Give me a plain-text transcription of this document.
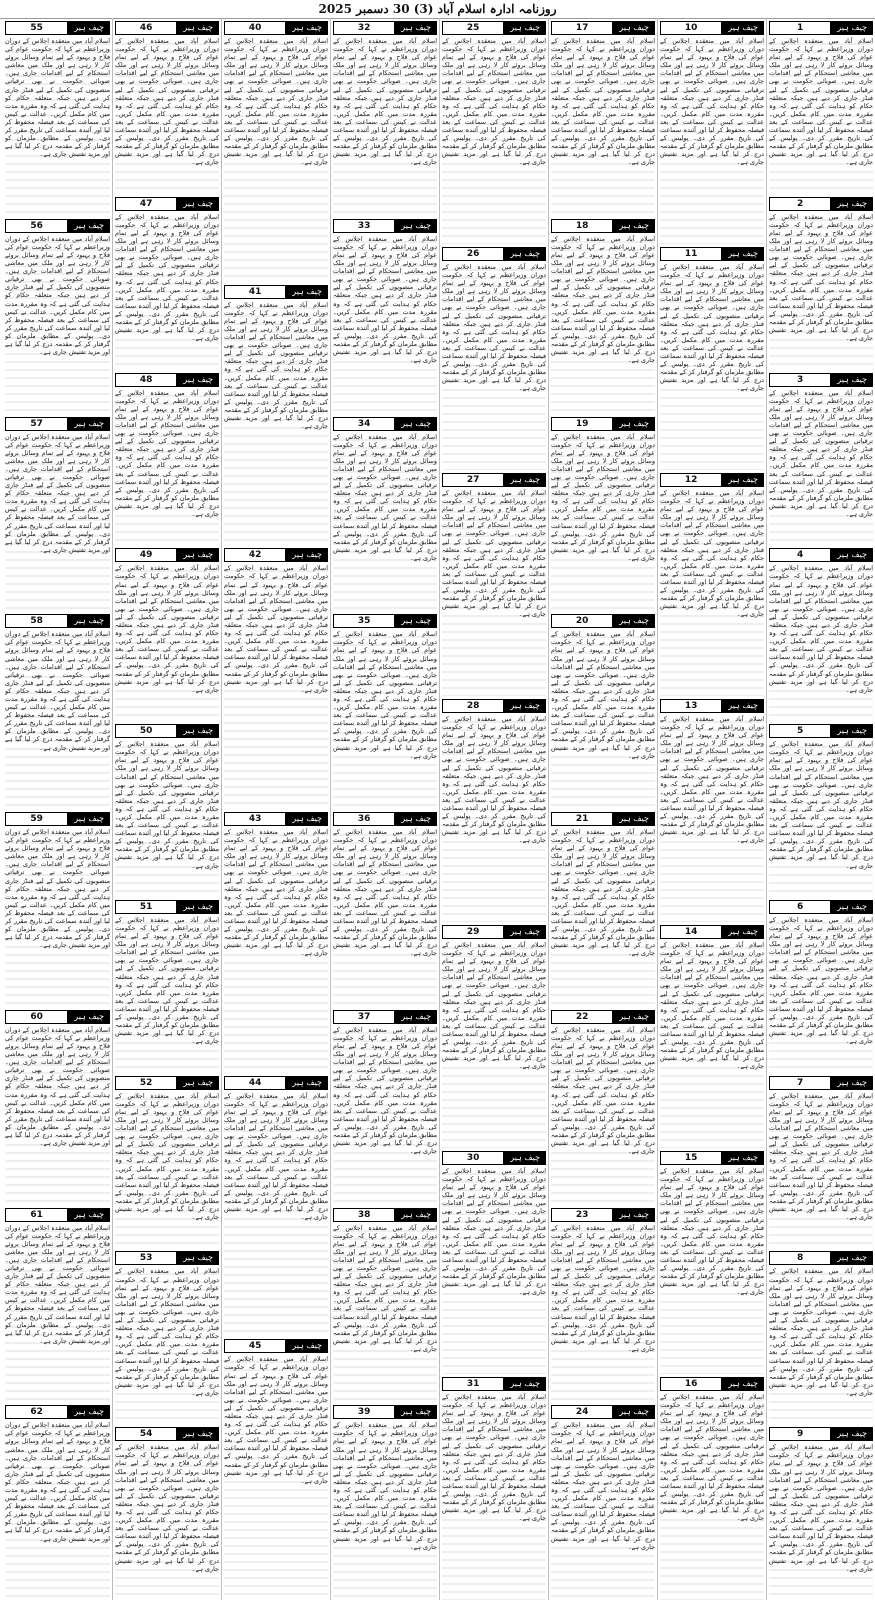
روزنامہ ادارہ اسلام آباد (3) 30 دسمبر 2025
چیف ہیر
1
اسلام آباد میں منعقدہ اجلاس کے دوران وزیراعظم نے کہا کہ حکومت عوام کی فلاح و بہبود کے لیے تمام وسائل بروئے کار لا رہی ہے اور ملک میں معاشی استحکام کے لیے اقدامات جاری ہیں۔ صوبائی حکومت نے بھی ترقیاتی منصوبوں کی تکمیل کے لیے فنڈز جاری کر دیے ہیں جبکہ متعلقہ حکام کو ہدایت کی گئی ہے کہ وہ مقررہ مدت میں کام مکمل کریں۔ عدالت نے کیس کی سماعت کے بعد فیصلہ محفوظ کر لیا اور آئندہ سماعت کی تاریخ مقرر کر دی۔ پولیس کے مطابق ملزمان کو گرفتار کر کے مقدمہ درج کر لیا گیا ہے اور مزید تفتیش جاری ہے۔
چیف ہیر
2
اسلام آباد میں منعقدہ اجلاس کے دوران وزیراعظم نے کہا کہ حکومت عوام کی فلاح و بہبود کے لیے تمام وسائل بروئے کار لا رہی ہے اور ملک میں معاشی استحکام کے لیے اقدامات جاری ہیں۔ صوبائی حکومت نے بھی ترقیاتی منصوبوں کی تکمیل کے لیے فنڈز جاری کر دیے ہیں جبکہ متعلقہ حکام کو ہدایت کی گئی ہے کہ وہ مقررہ مدت میں کام مکمل کریں۔ عدالت نے کیس کی سماعت کے بعد فیصلہ محفوظ کر لیا اور آئندہ سماعت کی تاریخ مقرر کر دی۔ پولیس کے مطابق ملزمان کو گرفتار کر کے مقدمہ درج کر لیا گیا ہے اور مزید تفتیش جاری ہے۔
چیف ہیر
3
اسلام آباد میں منعقدہ اجلاس کے دوران وزیراعظم نے کہا کہ حکومت عوام کی فلاح و بہبود کے لیے تمام وسائل بروئے کار لا رہی ہے اور ملک میں معاشی استحکام کے لیے اقدامات جاری ہیں۔ صوبائی حکومت نے بھی ترقیاتی منصوبوں کی تکمیل کے لیے فنڈز جاری کر دیے ہیں جبکہ متعلقہ حکام کو ہدایت کی گئی ہے کہ وہ مقررہ مدت میں کام مکمل کریں۔ عدالت نے کیس کی سماعت کے بعد فیصلہ محفوظ کر لیا اور آئندہ سماعت کی تاریخ مقرر کر دی۔ پولیس کے مطابق ملزمان کو گرفتار کر کے مقدمہ درج کر لیا گیا ہے اور مزید تفتیش جاری ہے۔
چیف ہیر
4
اسلام آباد میں منعقدہ اجلاس کے دوران وزیراعظم نے کہا کہ حکومت عوام کی فلاح و بہبود کے لیے تمام وسائل بروئے کار لا رہی ہے اور ملک میں معاشی استحکام کے لیے اقدامات جاری ہیں۔ صوبائی حکومت نے بھی ترقیاتی منصوبوں کی تکمیل کے لیے فنڈز جاری کر دیے ہیں جبکہ متعلقہ حکام کو ہدایت کی گئی ہے کہ وہ مقررہ مدت میں کام مکمل کریں۔ عدالت نے کیس کی سماعت کے بعد فیصلہ محفوظ کر لیا اور آئندہ سماعت کی تاریخ مقرر کر دی۔ پولیس کے مطابق ملزمان کو گرفتار کر کے مقدمہ درج کر لیا گیا ہے اور مزید تفتیش جاری ہے۔
چیف ہیر
5
اسلام آباد میں منعقدہ اجلاس کے دوران وزیراعظم نے کہا کہ حکومت عوام کی فلاح و بہبود کے لیے تمام وسائل بروئے کار لا رہی ہے اور ملک میں معاشی استحکام کے لیے اقدامات جاری ہیں۔ صوبائی حکومت نے بھی ترقیاتی منصوبوں کی تکمیل کے لیے فنڈز جاری کر دیے ہیں جبکہ متعلقہ حکام کو ہدایت کی گئی ہے کہ وہ مقررہ مدت میں کام مکمل کریں۔ عدالت نے کیس کی سماعت کے بعد فیصلہ محفوظ کر لیا اور آئندہ سماعت کی تاریخ مقرر کر دی۔ پولیس کے مطابق ملزمان کو گرفتار کر کے مقدمہ درج کر لیا گیا ہے اور مزید تفتیش جاری ہے۔
چیف ہیر
6
اسلام آباد میں منعقدہ اجلاس کے دوران وزیراعظم نے کہا کہ حکومت عوام کی فلاح و بہبود کے لیے تمام وسائل بروئے کار لا رہی ہے اور ملک میں معاشی استحکام کے لیے اقدامات جاری ہیں۔ صوبائی حکومت نے بھی ترقیاتی منصوبوں کی تکمیل کے لیے فنڈز جاری کر دیے ہیں جبکہ متعلقہ حکام کو ہدایت کی گئی ہے کہ وہ مقررہ مدت میں کام مکمل کریں۔ عدالت نے کیس کی سماعت کے بعد فیصلہ محفوظ کر لیا اور آئندہ سماعت کی تاریخ مقرر کر دی۔ پولیس کے مطابق ملزمان کو گرفتار کر کے مقدمہ درج کر لیا گیا ہے اور مزید تفتیش جاری ہے۔
چیف ہیر
7
اسلام آباد میں منعقدہ اجلاس کے دوران وزیراعظم نے کہا کہ حکومت عوام کی فلاح و بہبود کے لیے تمام وسائل بروئے کار لا رہی ہے اور ملک میں معاشی استحکام کے لیے اقدامات جاری ہیں۔ صوبائی حکومت نے بھی ترقیاتی منصوبوں کی تکمیل کے لیے فنڈز جاری کر دیے ہیں جبکہ متعلقہ حکام کو ہدایت کی گئی ہے کہ وہ مقررہ مدت میں کام مکمل کریں۔ عدالت نے کیس کی سماعت کے بعد فیصلہ محفوظ کر لیا اور آئندہ سماعت کی تاریخ مقرر کر دی۔ پولیس کے مطابق ملزمان کو گرفتار کر کے مقدمہ درج کر لیا گیا ہے اور مزید تفتیش جاری ہے۔
چیف ہیر
8
اسلام آباد میں منعقدہ اجلاس کے دوران وزیراعظم نے کہا کہ حکومت عوام کی فلاح و بہبود کے لیے تمام وسائل بروئے کار لا رہی ہے اور ملک میں معاشی استحکام کے لیے اقدامات جاری ہیں۔ صوبائی حکومت نے بھی ترقیاتی منصوبوں کی تکمیل کے لیے فنڈز جاری کر دیے ہیں جبکہ متعلقہ حکام کو ہدایت کی گئی ہے کہ وہ مقررہ مدت میں کام مکمل کریں۔ عدالت نے کیس کی سماعت کے بعد فیصلہ محفوظ کر لیا اور آئندہ سماعت کی تاریخ مقرر کر دی۔ پولیس کے مطابق ملزمان کو گرفتار کر کے مقدمہ درج کر لیا گیا ہے اور مزید تفتیش جاری ہے۔
چیف ہیر
9
اسلام آباد میں منعقدہ اجلاس کے دوران وزیراعظم نے کہا کہ حکومت عوام کی فلاح و بہبود کے لیے تمام وسائل بروئے کار لا رہی ہے اور ملک میں معاشی استحکام کے لیے اقدامات جاری ہیں۔ صوبائی حکومت نے بھی ترقیاتی منصوبوں کی تکمیل کے لیے فنڈز جاری کر دیے ہیں جبکہ متعلقہ حکام کو ہدایت کی گئی ہے کہ وہ مقررہ مدت میں کام مکمل کریں۔ عدالت نے کیس کی سماعت کے بعد فیصلہ محفوظ کر لیا اور آئندہ سماعت کی تاریخ مقرر کر دی۔ پولیس کے مطابق ملزمان کو گرفتار کر کے مقدمہ درج کر لیا گیا ہے اور مزید تفتیش جاری ہے۔
چیف ہیر
10
اسلام آباد میں منعقدہ اجلاس کے دوران وزیراعظم نے کہا کہ حکومت عوام کی فلاح و بہبود کے لیے تمام وسائل بروئے کار لا رہی ہے اور ملک میں معاشی استحکام کے لیے اقدامات جاری ہیں۔ صوبائی حکومت نے بھی ترقیاتی منصوبوں کی تکمیل کے لیے فنڈز جاری کر دیے ہیں جبکہ متعلقہ حکام کو ہدایت کی گئی ہے کہ وہ مقررہ مدت میں کام مکمل کریں۔ عدالت نے کیس کی سماعت کے بعد فیصلہ محفوظ کر لیا اور آئندہ سماعت کی تاریخ مقرر کر دی۔ پولیس کے مطابق ملزمان کو گرفتار کر کے مقدمہ درج کر لیا گیا ہے اور مزید تفتیش جاری ہے۔
چیف ہیر
11
اسلام آباد میں منعقدہ اجلاس کے دوران وزیراعظم نے کہا کہ حکومت عوام کی فلاح و بہبود کے لیے تمام وسائل بروئے کار لا رہی ہے اور ملک میں معاشی استحکام کے لیے اقدامات جاری ہیں۔ صوبائی حکومت نے بھی ترقیاتی منصوبوں کی تکمیل کے لیے فنڈز جاری کر دیے ہیں جبکہ متعلقہ حکام کو ہدایت کی گئی ہے کہ وہ مقررہ مدت میں کام مکمل کریں۔ عدالت نے کیس کی سماعت کے بعد فیصلہ محفوظ کر لیا اور آئندہ سماعت کی تاریخ مقرر کر دی۔ پولیس کے مطابق ملزمان کو گرفتار کر کے مقدمہ درج کر لیا گیا ہے اور مزید تفتیش جاری ہے۔
چیف ہیر
12
اسلام آباد میں منعقدہ اجلاس کے دوران وزیراعظم نے کہا کہ حکومت عوام کی فلاح و بہبود کے لیے تمام وسائل بروئے کار لا رہی ہے اور ملک میں معاشی استحکام کے لیے اقدامات جاری ہیں۔ صوبائی حکومت نے بھی ترقیاتی منصوبوں کی تکمیل کے لیے فنڈز جاری کر دیے ہیں جبکہ متعلقہ حکام کو ہدایت کی گئی ہے کہ وہ مقررہ مدت میں کام مکمل کریں۔ عدالت نے کیس کی سماعت کے بعد فیصلہ محفوظ کر لیا اور آئندہ سماعت کی تاریخ مقرر کر دی۔ پولیس کے مطابق ملزمان کو گرفتار کر کے مقدمہ درج کر لیا گیا ہے اور مزید تفتیش جاری ہے۔
چیف ہیر
13
اسلام آباد میں منعقدہ اجلاس کے دوران وزیراعظم نے کہا کہ حکومت عوام کی فلاح و بہبود کے لیے تمام وسائل بروئے کار لا رہی ہے اور ملک میں معاشی استحکام کے لیے اقدامات جاری ہیں۔ صوبائی حکومت نے بھی ترقیاتی منصوبوں کی تکمیل کے لیے فنڈز جاری کر دیے ہیں جبکہ متعلقہ حکام کو ہدایت کی گئی ہے کہ وہ مقررہ مدت میں کام مکمل کریں۔ عدالت نے کیس کی سماعت کے بعد فیصلہ محفوظ کر لیا اور آئندہ سماعت کی تاریخ مقرر کر دی۔ پولیس کے مطابق ملزمان کو گرفتار کر کے مقدمہ درج کر لیا گیا ہے اور مزید تفتیش جاری ہے۔
چیف ہیر
14
اسلام آباد میں منعقدہ اجلاس کے دوران وزیراعظم نے کہا کہ حکومت عوام کی فلاح و بہبود کے لیے تمام وسائل بروئے کار لا رہی ہے اور ملک میں معاشی استحکام کے لیے اقدامات جاری ہیں۔ صوبائی حکومت نے بھی ترقیاتی منصوبوں کی تکمیل کے لیے فنڈز جاری کر دیے ہیں جبکہ متعلقہ حکام کو ہدایت کی گئی ہے کہ وہ مقررہ مدت میں کام مکمل کریں۔ عدالت نے کیس کی سماعت کے بعد فیصلہ محفوظ کر لیا اور آئندہ سماعت کی تاریخ مقرر کر دی۔ پولیس کے مطابق ملزمان کو گرفتار کر کے مقدمہ درج کر لیا گیا ہے اور مزید تفتیش جاری ہے۔
چیف ہیر
15
اسلام آباد میں منعقدہ اجلاس کے دوران وزیراعظم نے کہا کہ حکومت عوام کی فلاح و بہبود کے لیے تمام وسائل بروئے کار لا رہی ہے اور ملک میں معاشی استحکام کے لیے اقدامات جاری ہیں۔ صوبائی حکومت نے بھی ترقیاتی منصوبوں کی تکمیل کے لیے فنڈز جاری کر دیے ہیں جبکہ متعلقہ حکام کو ہدایت کی گئی ہے کہ وہ مقررہ مدت میں کام مکمل کریں۔ عدالت نے کیس کی سماعت کے بعد فیصلہ محفوظ کر لیا اور آئندہ سماعت کی تاریخ مقرر کر دی۔ پولیس کے مطابق ملزمان کو گرفتار کر کے مقدمہ درج کر لیا گیا ہے اور مزید تفتیش جاری ہے۔
چیف ہیر
16
اسلام آباد میں منعقدہ اجلاس کے دوران وزیراعظم نے کہا کہ حکومت عوام کی فلاح و بہبود کے لیے تمام وسائل بروئے کار لا رہی ہے اور ملک میں معاشی استحکام کے لیے اقدامات جاری ہیں۔ صوبائی حکومت نے بھی ترقیاتی منصوبوں کی تکمیل کے لیے فنڈز جاری کر دیے ہیں جبکہ متعلقہ حکام کو ہدایت کی گئی ہے کہ وہ مقررہ مدت میں کام مکمل کریں۔ عدالت نے کیس کی سماعت کے بعد فیصلہ محفوظ کر لیا اور آئندہ سماعت کی تاریخ مقرر کر دی۔ پولیس کے مطابق ملزمان کو گرفتار کر کے مقدمہ درج کر لیا گیا ہے اور مزید تفتیش جاری ہے۔
چیف ہیر
17
اسلام آباد میں منعقدہ اجلاس کے دوران وزیراعظم نے کہا کہ حکومت عوام کی فلاح و بہبود کے لیے تمام وسائل بروئے کار لا رہی ہے اور ملک میں معاشی استحکام کے لیے اقدامات جاری ہیں۔ صوبائی حکومت نے بھی ترقیاتی منصوبوں کی تکمیل کے لیے فنڈز جاری کر دیے ہیں جبکہ متعلقہ حکام کو ہدایت کی گئی ہے کہ وہ مقررہ مدت میں کام مکمل کریں۔ عدالت نے کیس کی سماعت کے بعد فیصلہ محفوظ کر لیا اور آئندہ سماعت کی تاریخ مقرر کر دی۔ پولیس کے مطابق ملزمان کو گرفتار کر کے مقدمہ درج کر لیا گیا ہے اور مزید تفتیش جاری ہے۔
چیف ہیر
18
اسلام آباد میں منعقدہ اجلاس کے دوران وزیراعظم نے کہا کہ حکومت عوام کی فلاح و بہبود کے لیے تمام وسائل بروئے کار لا رہی ہے اور ملک میں معاشی استحکام کے لیے اقدامات جاری ہیں۔ صوبائی حکومت نے بھی ترقیاتی منصوبوں کی تکمیل کے لیے فنڈز جاری کر دیے ہیں جبکہ متعلقہ حکام کو ہدایت کی گئی ہے کہ وہ مقررہ مدت میں کام مکمل کریں۔ عدالت نے کیس کی سماعت کے بعد فیصلہ محفوظ کر لیا اور آئندہ سماعت کی تاریخ مقرر کر دی۔ پولیس کے مطابق ملزمان کو گرفتار کر کے مقدمہ درج کر لیا گیا ہے اور مزید تفتیش جاری ہے۔
چیف ہیر
19
اسلام آباد میں منعقدہ اجلاس کے دوران وزیراعظم نے کہا کہ حکومت عوام کی فلاح و بہبود کے لیے تمام وسائل بروئے کار لا رہی ہے اور ملک میں معاشی استحکام کے لیے اقدامات جاری ہیں۔ صوبائی حکومت نے بھی ترقیاتی منصوبوں کی تکمیل کے لیے فنڈز جاری کر دیے ہیں جبکہ متعلقہ حکام کو ہدایت کی گئی ہے کہ وہ مقررہ مدت میں کام مکمل کریں۔ عدالت نے کیس کی سماعت کے بعد فیصلہ محفوظ کر لیا اور آئندہ سماعت کی تاریخ مقرر کر دی۔ پولیس کے مطابق ملزمان کو گرفتار کر کے مقدمہ درج کر لیا گیا ہے اور مزید تفتیش جاری ہے۔
چیف ہیر
20
اسلام آباد میں منعقدہ اجلاس کے دوران وزیراعظم نے کہا کہ حکومت عوام کی فلاح و بہبود کے لیے تمام وسائل بروئے کار لا رہی ہے اور ملک میں معاشی استحکام کے لیے اقدامات جاری ہیں۔ صوبائی حکومت نے بھی ترقیاتی منصوبوں کی تکمیل کے لیے فنڈز جاری کر دیے ہیں جبکہ متعلقہ حکام کو ہدایت کی گئی ہے کہ وہ مقررہ مدت میں کام مکمل کریں۔ عدالت نے کیس کی سماعت کے بعد فیصلہ محفوظ کر لیا اور آئندہ سماعت کی تاریخ مقرر کر دی۔ پولیس کے مطابق ملزمان کو گرفتار کر کے مقدمہ درج کر لیا گیا ہے اور مزید تفتیش جاری ہے۔
چیف ہیر
21
اسلام آباد میں منعقدہ اجلاس کے دوران وزیراعظم نے کہا کہ حکومت عوام کی فلاح و بہبود کے لیے تمام وسائل بروئے کار لا رہی ہے اور ملک میں معاشی استحکام کے لیے اقدامات جاری ہیں۔ صوبائی حکومت نے بھی ترقیاتی منصوبوں کی تکمیل کے لیے فنڈز جاری کر دیے ہیں جبکہ متعلقہ حکام کو ہدایت کی گئی ہے کہ وہ مقررہ مدت میں کام مکمل کریں۔ عدالت نے کیس کی سماعت کے بعد فیصلہ محفوظ کر لیا اور آئندہ سماعت کی تاریخ مقرر کر دی۔ پولیس کے مطابق ملزمان کو گرفتار کر کے مقدمہ درج کر لیا گیا ہے اور مزید تفتیش جاری ہے۔
چیف ہیر
22
اسلام آباد میں منعقدہ اجلاس کے دوران وزیراعظم نے کہا کہ حکومت عوام کی فلاح و بہبود کے لیے تمام وسائل بروئے کار لا رہی ہے اور ملک میں معاشی استحکام کے لیے اقدامات جاری ہیں۔ صوبائی حکومت نے بھی ترقیاتی منصوبوں کی تکمیل کے لیے فنڈز جاری کر دیے ہیں جبکہ متعلقہ حکام کو ہدایت کی گئی ہے کہ وہ مقررہ مدت میں کام مکمل کریں۔ عدالت نے کیس کی سماعت کے بعد فیصلہ محفوظ کر لیا اور آئندہ سماعت کی تاریخ مقرر کر دی۔ پولیس کے مطابق ملزمان کو گرفتار کر کے مقدمہ درج کر لیا گیا ہے اور مزید تفتیش جاری ہے۔
چیف ہیر
23
اسلام آباد میں منعقدہ اجلاس کے دوران وزیراعظم نے کہا کہ حکومت عوام کی فلاح و بہبود کے لیے تمام وسائل بروئے کار لا رہی ہے اور ملک میں معاشی استحکام کے لیے اقدامات جاری ہیں۔ صوبائی حکومت نے بھی ترقیاتی منصوبوں کی تکمیل کے لیے فنڈز جاری کر دیے ہیں جبکہ متعلقہ حکام کو ہدایت کی گئی ہے کہ وہ مقررہ مدت میں کام مکمل کریں۔ عدالت نے کیس کی سماعت کے بعد فیصلہ محفوظ کر لیا اور آئندہ سماعت کی تاریخ مقرر کر دی۔ پولیس کے مطابق ملزمان کو گرفتار کر کے مقدمہ درج کر لیا گیا ہے اور مزید تفتیش جاری ہے۔
چیف ہیر
24
اسلام آباد میں منعقدہ اجلاس کے دوران وزیراعظم نے کہا کہ حکومت عوام کی فلاح و بہبود کے لیے تمام وسائل بروئے کار لا رہی ہے اور ملک میں معاشی استحکام کے لیے اقدامات جاری ہیں۔ صوبائی حکومت نے بھی ترقیاتی منصوبوں کی تکمیل کے لیے فنڈز جاری کر دیے ہیں جبکہ متعلقہ حکام کو ہدایت کی گئی ہے کہ وہ مقررہ مدت میں کام مکمل کریں۔ عدالت نے کیس کی سماعت کے بعد فیصلہ محفوظ کر لیا اور آئندہ سماعت کی تاریخ مقرر کر دی۔ پولیس کے مطابق ملزمان کو گرفتار کر کے مقدمہ درج کر لیا گیا ہے اور مزید تفتیش جاری ہے۔
چیف ہیر
25
اسلام آباد میں منعقدہ اجلاس کے دوران وزیراعظم نے کہا کہ حکومت عوام کی فلاح و بہبود کے لیے تمام وسائل بروئے کار لا رہی ہے اور ملک میں معاشی استحکام کے لیے اقدامات جاری ہیں۔ صوبائی حکومت نے بھی ترقیاتی منصوبوں کی تکمیل کے لیے فنڈز جاری کر دیے ہیں جبکہ متعلقہ حکام کو ہدایت کی گئی ہے کہ وہ مقررہ مدت میں کام مکمل کریں۔ عدالت نے کیس کی سماعت کے بعد فیصلہ محفوظ کر لیا اور آئندہ سماعت کی تاریخ مقرر کر دی۔ پولیس کے مطابق ملزمان کو گرفتار کر کے مقدمہ درج کر لیا گیا ہے اور مزید تفتیش جاری ہے۔
چیف ہیر
26
اسلام آباد میں منعقدہ اجلاس کے دوران وزیراعظم نے کہا کہ حکومت عوام کی فلاح و بہبود کے لیے تمام وسائل بروئے کار لا رہی ہے اور ملک میں معاشی استحکام کے لیے اقدامات جاری ہیں۔ صوبائی حکومت نے بھی ترقیاتی منصوبوں کی تکمیل کے لیے فنڈز جاری کر دیے ہیں جبکہ متعلقہ حکام کو ہدایت کی گئی ہے کہ وہ مقررہ مدت میں کام مکمل کریں۔ عدالت نے کیس کی سماعت کے بعد فیصلہ محفوظ کر لیا اور آئندہ سماعت کی تاریخ مقرر کر دی۔ پولیس کے مطابق ملزمان کو گرفتار کر کے مقدمہ درج کر لیا گیا ہے اور مزید تفتیش جاری ہے۔
چیف ہیر
27
اسلام آباد میں منعقدہ اجلاس کے دوران وزیراعظم نے کہا کہ حکومت عوام کی فلاح و بہبود کے لیے تمام وسائل بروئے کار لا رہی ہے اور ملک میں معاشی استحکام کے لیے اقدامات جاری ہیں۔ صوبائی حکومت نے بھی ترقیاتی منصوبوں کی تکمیل کے لیے فنڈز جاری کر دیے ہیں جبکہ متعلقہ حکام کو ہدایت کی گئی ہے کہ وہ مقررہ مدت میں کام مکمل کریں۔ عدالت نے کیس کی سماعت کے بعد فیصلہ محفوظ کر لیا اور آئندہ سماعت کی تاریخ مقرر کر دی۔ پولیس کے مطابق ملزمان کو گرفتار کر کے مقدمہ درج کر لیا گیا ہے اور مزید تفتیش جاری ہے۔
چیف ہیر
28
اسلام آباد میں منعقدہ اجلاس کے دوران وزیراعظم نے کہا کہ حکومت عوام کی فلاح و بہبود کے لیے تمام وسائل بروئے کار لا رہی ہے اور ملک میں معاشی استحکام کے لیے اقدامات جاری ہیں۔ صوبائی حکومت نے بھی ترقیاتی منصوبوں کی تکمیل کے لیے فنڈز جاری کر دیے ہیں جبکہ متعلقہ حکام کو ہدایت کی گئی ہے کہ وہ مقررہ مدت میں کام مکمل کریں۔ عدالت نے کیس کی سماعت کے بعد فیصلہ محفوظ کر لیا اور آئندہ سماعت کی تاریخ مقرر کر دی۔ پولیس کے مطابق ملزمان کو گرفتار کر کے مقدمہ درج کر لیا گیا ہے اور مزید تفتیش جاری ہے۔
چیف ہیر
29
اسلام آباد میں منعقدہ اجلاس کے دوران وزیراعظم نے کہا کہ حکومت عوام کی فلاح و بہبود کے لیے تمام وسائل بروئے کار لا رہی ہے اور ملک میں معاشی استحکام کے لیے اقدامات جاری ہیں۔ صوبائی حکومت نے بھی ترقیاتی منصوبوں کی تکمیل کے لیے فنڈز جاری کر دیے ہیں جبکہ متعلقہ حکام کو ہدایت کی گئی ہے کہ وہ مقررہ مدت میں کام مکمل کریں۔ عدالت نے کیس کی سماعت کے بعد فیصلہ محفوظ کر لیا اور آئندہ سماعت کی تاریخ مقرر کر دی۔ پولیس کے مطابق ملزمان کو گرفتار کر کے مقدمہ درج کر لیا گیا ہے اور مزید تفتیش جاری ہے۔
چیف ہیر
30
اسلام آباد میں منعقدہ اجلاس کے دوران وزیراعظم نے کہا کہ حکومت عوام کی فلاح و بہبود کے لیے تمام وسائل بروئے کار لا رہی ہے اور ملک میں معاشی استحکام کے لیے اقدامات جاری ہیں۔ صوبائی حکومت نے بھی ترقیاتی منصوبوں کی تکمیل کے لیے فنڈز جاری کر دیے ہیں جبکہ متعلقہ حکام کو ہدایت کی گئی ہے کہ وہ مقررہ مدت میں کام مکمل کریں۔ عدالت نے کیس کی سماعت کے بعد فیصلہ محفوظ کر لیا اور آئندہ سماعت کی تاریخ مقرر کر دی۔ پولیس کے مطابق ملزمان کو گرفتار کر کے مقدمہ درج کر لیا گیا ہے اور مزید تفتیش جاری ہے۔
چیف ہیر
31
اسلام آباد میں منعقدہ اجلاس کے دوران وزیراعظم نے کہا کہ حکومت عوام کی فلاح و بہبود کے لیے تمام وسائل بروئے کار لا رہی ہے اور ملک میں معاشی استحکام کے لیے اقدامات جاری ہیں۔ صوبائی حکومت نے بھی ترقیاتی منصوبوں کی تکمیل کے لیے فنڈز جاری کر دیے ہیں جبکہ متعلقہ حکام کو ہدایت کی گئی ہے کہ وہ مقررہ مدت میں کام مکمل کریں۔ عدالت نے کیس کی سماعت کے بعد فیصلہ محفوظ کر لیا اور آئندہ سماعت کی تاریخ مقرر کر دی۔ پولیس کے مطابق ملزمان کو گرفتار کر کے مقدمہ درج کر لیا گیا ہے اور مزید تفتیش جاری ہے۔
چیف ہیر
32
اسلام آباد میں منعقدہ اجلاس کے دوران وزیراعظم نے کہا کہ حکومت عوام کی فلاح و بہبود کے لیے تمام وسائل بروئے کار لا رہی ہے اور ملک میں معاشی استحکام کے لیے اقدامات جاری ہیں۔ صوبائی حکومت نے بھی ترقیاتی منصوبوں کی تکمیل کے لیے فنڈز جاری کر دیے ہیں جبکہ متعلقہ حکام کو ہدایت کی گئی ہے کہ وہ مقررہ مدت میں کام مکمل کریں۔ عدالت نے کیس کی سماعت کے بعد فیصلہ محفوظ کر لیا اور آئندہ سماعت کی تاریخ مقرر کر دی۔ پولیس کے مطابق ملزمان کو گرفتار کر کے مقدمہ درج کر لیا گیا ہے اور مزید تفتیش جاری ہے۔
چیف ہیر
33
اسلام آباد میں منعقدہ اجلاس کے دوران وزیراعظم نے کہا کہ حکومت عوام کی فلاح و بہبود کے لیے تمام وسائل بروئے کار لا رہی ہے اور ملک میں معاشی استحکام کے لیے اقدامات جاری ہیں۔ صوبائی حکومت نے بھی ترقیاتی منصوبوں کی تکمیل کے لیے فنڈز جاری کر دیے ہیں جبکہ متعلقہ حکام کو ہدایت کی گئی ہے کہ وہ مقررہ مدت میں کام مکمل کریں۔ عدالت نے کیس کی سماعت کے بعد فیصلہ محفوظ کر لیا اور آئندہ سماعت کی تاریخ مقرر کر دی۔ پولیس کے مطابق ملزمان کو گرفتار کر کے مقدمہ درج کر لیا گیا ہے اور مزید تفتیش جاری ہے۔
چیف ہیر
34
اسلام آباد میں منعقدہ اجلاس کے دوران وزیراعظم نے کہا کہ حکومت عوام کی فلاح و بہبود کے لیے تمام وسائل بروئے کار لا رہی ہے اور ملک میں معاشی استحکام کے لیے اقدامات جاری ہیں۔ صوبائی حکومت نے بھی ترقیاتی منصوبوں کی تکمیل کے لیے فنڈز جاری کر دیے ہیں جبکہ متعلقہ حکام کو ہدایت کی گئی ہے کہ وہ مقررہ مدت میں کام مکمل کریں۔ عدالت نے کیس کی سماعت کے بعد فیصلہ محفوظ کر لیا اور آئندہ سماعت کی تاریخ مقرر کر دی۔ پولیس کے مطابق ملزمان کو گرفتار کر کے مقدمہ درج کر لیا گیا ہے اور مزید تفتیش جاری ہے۔
چیف ہیر
35
اسلام آباد میں منعقدہ اجلاس کے دوران وزیراعظم نے کہا کہ حکومت عوام کی فلاح و بہبود کے لیے تمام وسائل بروئے کار لا رہی ہے اور ملک میں معاشی استحکام کے لیے اقدامات جاری ہیں۔ صوبائی حکومت نے بھی ترقیاتی منصوبوں کی تکمیل کے لیے فنڈز جاری کر دیے ہیں جبکہ متعلقہ حکام کو ہدایت کی گئی ہے کہ وہ مقررہ مدت میں کام مکمل کریں۔ عدالت نے کیس کی سماعت کے بعد فیصلہ محفوظ کر لیا اور آئندہ سماعت کی تاریخ مقرر کر دی۔ پولیس کے مطابق ملزمان کو گرفتار کر کے مقدمہ درج کر لیا گیا ہے اور مزید تفتیش جاری ہے۔
چیف ہیر
36
اسلام آباد میں منعقدہ اجلاس کے دوران وزیراعظم نے کہا کہ حکومت عوام کی فلاح و بہبود کے لیے تمام وسائل بروئے کار لا رہی ہے اور ملک میں معاشی استحکام کے لیے اقدامات جاری ہیں۔ صوبائی حکومت نے بھی ترقیاتی منصوبوں کی تکمیل کے لیے فنڈز جاری کر دیے ہیں جبکہ متعلقہ حکام کو ہدایت کی گئی ہے کہ وہ مقررہ مدت میں کام مکمل کریں۔ عدالت نے کیس کی سماعت کے بعد فیصلہ محفوظ کر لیا اور آئندہ سماعت کی تاریخ مقرر کر دی۔ پولیس کے مطابق ملزمان کو گرفتار کر کے مقدمہ درج کر لیا گیا ہے اور مزید تفتیش جاری ہے۔
چیف ہیر
37
اسلام آباد میں منعقدہ اجلاس کے دوران وزیراعظم نے کہا کہ حکومت عوام کی فلاح و بہبود کے لیے تمام وسائل بروئے کار لا رہی ہے اور ملک میں معاشی استحکام کے لیے اقدامات جاری ہیں۔ صوبائی حکومت نے بھی ترقیاتی منصوبوں کی تکمیل کے لیے فنڈز جاری کر دیے ہیں جبکہ متعلقہ حکام کو ہدایت کی گئی ہے کہ وہ مقررہ مدت میں کام مکمل کریں۔ عدالت نے کیس کی سماعت کے بعد فیصلہ محفوظ کر لیا اور آئندہ سماعت کی تاریخ مقرر کر دی۔ پولیس کے مطابق ملزمان کو گرفتار کر کے مقدمہ درج کر لیا گیا ہے اور مزید تفتیش جاری ہے۔
چیف ہیر
38
اسلام آباد میں منعقدہ اجلاس کے دوران وزیراعظم نے کہا کہ حکومت عوام کی فلاح و بہبود کے لیے تمام وسائل بروئے کار لا رہی ہے اور ملک میں معاشی استحکام کے لیے اقدامات جاری ہیں۔ صوبائی حکومت نے بھی ترقیاتی منصوبوں کی تکمیل کے لیے فنڈز جاری کر دیے ہیں جبکہ متعلقہ حکام کو ہدایت کی گئی ہے کہ وہ مقررہ مدت میں کام مکمل کریں۔ عدالت نے کیس کی سماعت کے بعد فیصلہ محفوظ کر لیا اور آئندہ سماعت کی تاریخ مقرر کر دی۔ پولیس کے مطابق ملزمان کو گرفتار کر کے مقدمہ درج کر لیا گیا ہے اور مزید تفتیش جاری ہے۔
چیف ہیر
39
اسلام آباد میں منعقدہ اجلاس کے دوران وزیراعظم نے کہا کہ حکومت عوام کی فلاح و بہبود کے لیے تمام وسائل بروئے کار لا رہی ہے اور ملک میں معاشی استحکام کے لیے اقدامات جاری ہیں۔ صوبائی حکومت نے بھی ترقیاتی منصوبوں کی تکمیل کے لیے فنڈز جاری کر دیے ہیں جبکہ متعلقہ حکام کو ہدایت کی گئی ہے کہ وہ مقررہ مدت میں کام مکمل کریں۔ عدالت نے کیس کی سماعت کے بعد فیصلہ محفوظ کر لیا اور آئندہ سماعت کی تاریخ مقرر کر دی۔ پولیس کے مطابق ملزمان کو گرفتار کر کے مقدمہ درج کر لیا گیا ہے اور مزید تفتیش جاری ہے۔
چیف ہیر
40
اسلام آباد میں منعقدہ اجلاس کے دوران وزیراعظم نے کہا کہ حکومت عوام کی فلاح و بہبود کے لیے تمام وسائل بروئے کار لا رہی ہے اور ملک میں معاشی استحکام کے لیے اقدامات جاری ہیں۔ صوبائی حکومت نے بھی ترقیاتی منصوبوں کی تکمیل کے لیے فنڈز جاری کر دیے ہیں جبکہ متعلقہ حکام کو ہدایت کی گئی ہے کہ وہ مقررہ مدت میں کام مکمل کریں۔ عدالت نے کیس کی سماعت کے بعد فیصلہ محفوظ کر لیا اور آئندہ سماعت کی تاریخ مقرر کر دی۔ پولیس کے مطابق ملزمان کو گرفتار کر کے مقدمہ درج کر لیا گیا ہے اور مزید تفتیش جاری ہے۔
چیف ہیر
41
اسلام آباد میں منعقدہ اجلاس کے دوران وزیراعظم نے کہا کہ حکومت عوام کی فلاح و بہبود کے لیے تمام وسائل بروئے کار لا رہی ہے اور ملک میں معاشی استحکام کے لیے اقدامات جاری ہیں۔ صوبائی حکومت نے بھی ترقیاتی منصوبوں کی تکمیل کے لیے فنڈز جاری کر دیے ہیں جبکہ متعلقہ حکام کو ہدایت کی گئی ہے کہ وہ مقررہ مدت میں کام مکمل کریں۔ عدالت نے کیس کی سماعت کے بعد فیصلہ محفوظ کر لیا اور آئندہ سماعت کی تاریخ مقرر کر دی۔ پولیس کے مطابق ملزمان کو گرفتار کر کے مقدمہ درج کر لیا گیا ہے اور مزید تفتیش جاری ہے۔
چیف ہیر
42
اسلام آباد میں منعقدہ اجلاس کے دوران وزیراعظم نے کہا کہ حکومت عوام کی فلاح و بہبود کے لیے تمام وسائل بروئے کار لا رہی ہے اور ملک میں معاشی استحکام کے لیے اقدامات جاری ہیں۔ صوبائی حکومت نے بھی ترقیاتی منصوبوں کی تکمیل کے لیے فنڈز جاری کر دیے ہیں جبکہ متعلقہ حکام کو ہدایت کی گئی ہے کہ وہ مقررہ مدت میں کام مکمل کریں۔ عدالت نے کیس کی سماعت کے بعد فیصلہ محفوظ کر لیا اور آئندہ سماعت کی تاریخ مقرر کر دی۔ پولیس کے مطابق ملزمان کو گرفتار کر کے مقدمہ درج کر لیا گیا ہے اور مزید تفتیش جاری ہے۔
چیف ہیر
43
اسلام آباد میں منعقدہ اجلاس کے دوران وزیراعظم نے کہا کہ حکومت عوام کی فلاح و بہبود کے لیے تمام وسائل بروئے کار لا رہی ہے اور ملک میں معاشی استحکام کے لیے اقدامات جاری ہیں۔ صوبائی حکومت نے بھی ترقیاتی منصوبوں کی تکمیل کے لیے فنڈز جاری کر دیے ہیں جبکہ متعلقہ حکام کو ہدایت کی گئی ہے کہ وہ مقررہ مدت میں کام مکمل کریں۔ عدالت نے کیس کی سماعت کے بعد فیصلہ محفوظ کر لیا اور آئندہ سماعت کی تاریخ مقرر کر دی۔ پولیس کے مطابق ملزمان کو گرفتار کر کے مقدمہ درج کر لیا گیا ہے اور مزید تفتیش جاری ہے۔
چیف ہیر
44
اسلام آباد میں منعقدہ اجلاس کے دوران وزیراعظم نے کہا کہ حکومت عوام کی فلاح و بہبود کے لیے تمام وسائل بروئے کار لا رہی ہے اور ملک میں معاشی استحکام کے لیے اقدامات جاری ہیں۔ صوبائی حکومت نے بھی ترقیاتی منصوبوں کی تکمیل کے لیے فنڈز جاری کر دیے ہیں جبکہ متعلقہ حکام کو ہدایت کی گئی ہے کہ وہ مقررہ مدت میں کام مکمل کریں۔ عدالت نے کیس کی سماعت کے بعد فیصلہ محفوظ کر لیا اور آئندہ سماعت کی تاریخ مقرر کر دی۔ پولیس کے مطابق ملزمان کو گرفتار کر کے مقدمہ درج کر لیا گیا ہے اور مزید تفتیش جاری ہے۔
چیف ہیر
45
اسلام آباد میں منعقدہ اجلاس کے دوران وزیراعظم نے کہا کہ حکومت عوام کی فلاح و بہبود کے لیے تمام وسائل بروئے کار لا رہی ہے اور ملک میں معاشی استحکام کے لیے اقدامات جاری ہیں۔ صوبائی حکومت نے بھی ترقیاتی منصوبوں کی تکمیل کے لیے فنڈز جاری کر دیے ہیں جبکہ متعلقہ حکام کو ہدایت کی گئی ہے کہ وہ مقررہ مدت میں کام مکمل کریں۔ عدالت نے کیس کی سماعت کے بعد فیصلہ محفوظ کر لیا اور آئندہ سماعت کی تاریخ مقرر کر دی۔ پولیس کے مطابق ملزمان کو گرفتار کر کے مقدمہ درج کر لیا گیا ہے اور مزید تفتیش جاری ہے۔
چیف ہیر
46
اسلام آباد میں منعقدہ اجلاس کے دوران وزیراعظم نے کہا کہ حکومت عوام کی فلاح و بہبود کے لیے تمام وسائل بروئے کار لا رہی ہے اور ملک میں معاشی استحکام کے لیے اقدامات جاری ہیں۔ صوبائی حکومت نے بھی ترقیاتی منصوبوں کی تکمیل کے لیے فنڈز جاری کر دیے ہیں جبکہ متعلقہ حکام کو ہدایت کی گئی ہے کہ وہ مقررہ مدت میں کام مکمل کریں۔ عدالت نے کیس کی سماعت کے بعد فیصلہ محفوظ کر لیا اور آئندہ سماعت کی تاریخ مقرر کر دی۔ پولیس کے مطابق ملزمان کو گرفتار کر کے مقدمہ درج کر لیا گیا ہے اور مزید تفتیش جاری ہے۔
چیف ہیر
47
اسلام آباد میں منعقدہ اجلاس کے دوران وزیراعظم نے کہا کہ حکومت عوام کی فلاح و بہبود کے لیے تمام وسائل بروئے کار لا رہی ہے اور ملک میں معاشی استحکام کے لیے اقدامات جاری ہیں۔ صوبائی حکومت نے بھی ترقیاتی منصوبوں کی تکمیل کے لیے فنڈز جاری کر دیے ہیں جبکہ متعلقہ حکام کو ہدایت کی گئی ہے کہ وہ مقررہ مدت میں کام مکمل کریں۔ عدالت نے کیس کی سماعت کے بعد فیصلہ محفوظ کر لیا اور آئندہ سماعت کی تاریخ مقرر کر دی۔ پولیس کے مطابق ملزمان کو گرفتار کر کے مقدمہ درج کر لیا گیا ہے اور مزید تفتیش جاری ہے۔
چیف ہیر
48
اسلام آباد میں منعقدہ اجلاس کے دوران وزیراعظم نے کہا کہ حکومت عوام کی فلاح و بہبود کے لیے تمام وسائل بروئے کار لا رہی ہے اور ملک میں معاشی استحکام کے لیے اقدامات جاری ہیں۔ صوبائی حکومت نے بھی ترقیاتی منصوبوں کی تکمیل کے لیے فنڈز جاری کر دیے ہیں جبکہ متعلقہ حکام کو ہدایت کی گئی ہے کہ وہ مقررہ مدت میں کام مکمل کریں۔ عدالت نے کیس کی سماعت کے بعد فیصلہ محفوظ کر لیا اور آئندہ سماعت کی تاریخ مقرر کر دی۔ پولیس کے مطابق ملزمان کو گرفتار کر کے مقدمہ درج کر لیا گیا ہے اور مزید تفتیش جاری ہے۔
چیف ہیر
49
اسلام آباد میں منعقدہ اجلاس کے دوران وزیراعظم نے کہا کہ حکومت عوام کی فلاح و بہبود کے لیے تمام وسائل بروئے کار لا رہی ہے اور ملک میں معاشی استحکام کے لیے اقدامات جاری ہیں۔ صوبائی حکومت نے بھی ترقیاتی منصوبوں کی تکمیل کے لیے فنڈز جاری کر دیے ہیں جبکہ متعلقہ حکام کو ہدایت کی گئی ہے کہ وہ مقررہ مدت میں کام مکمل کریں۔ عدالت نے کیس کی سماعت کے بعد فیصلہ محفوظ کر لیا اور آئندہ سماعت کی تاریخ مقرر کر دی۔ پولیس کے مطابق ملزمان کو گرفتار کر کے مقدمہ درج کر لیا گیا ہے اور مزید تفتیش جاری ہے۔
چیف ہیر
50
اسلام آباد میں منعقدہ اجلاس کے دوران وزیراعظم نے کہا کہ حکومت عوام کی فلاح و بہبود کے لیے تمام وسائل بروئے کار لا رہی ہے اور ملک میں معاشی استحکام کے لیے اقدامات جاری ہیں۔ صوبائی حکومت نے بھی ترقیاتی منصوبوں کی تکمیل کے لیے فنڈز جاری کر دیے ہیں جبکہ متعلقہ حکام کو ہدایت کی گئی ہے کہ وہ مقررہ مدت میں کام مکمل کریں۔ عدالت نے کیس کی سماعت کے بعد فیصلہ محفوظ کر لیا اور آئندہ سماعت کی تاریخ مقرر کر دی۔ پولیس کے مطابق ملزمان کو گرفتار کر کے مقدمہ درج کر لیا گیا ہے اور مزید تفتیش جاری ہے۔
چیف ہیر
51
اسلام آباد میں منعقدہ اجلاس کے دوران وزیراعظم نے کہا کہ حکومت عوام کی فلاح و بہبود کے لیے تمام وسائل بروئے کار لا رہی ہے اور ملک میں معاشی استحکام کے لیے اقدامات جاری ہیں۔ صوبائی حکومت نے بھی ترقیاتی منصوبوں کی تکمیل کے لیے فنڈز جاری کر دیے ہیں جبکہ متعلقہ حکام کو ہدایت کی گئی ہے کہ وہ مقررہ مدت میں کام مکمل کریں۔ عدالت نے کیس کی سماعت کے بعد فیصلہ محفوظ کر لیا اور آئندہ سماعت کی تاریخ مقرر کر دی۔ پولیس کے مطابق ملزمان کو گرفتار کر کے مقدمہ درج کر لیا گیا ہے اور مزید تفتیش جاری ہے۔
چیف ہیر
52
اسلام آباد میں منعقدہ اجلاس کے دوران وزیراعظم نے کہا کہ حکومت عوام کی فلاح و بہبود کے لیے تمام وسائل بروئے کار لا رہی ہے اور ملک میں معاشی استحکام کے لیے اقدامات جاری ہیں۔ صوبائی حکومت نے بھی ترقیاتی منصوبوں کی تکمیل کے لیے فنڈز جاری کر دیے ہیں جبکہ متعلقہ حکام کو ہدایت کی گئی ہے کہ وہ مقررہ مدت میں کام مکمل کریں۔ عدالت نے کیس کی سماعت کے بعد فیصلہ محفوظ کر لیا اور آئندہ سماعت کی تاریخ مقرر کر دی۔ پولیس کے مطابق ملزمان کو گرفتار کر کے مقدمہ درج کر لیا گیا ہے اور مزید تفتیش جاری ہے۔
چیف ہیر
53
اسلام آباد میں منعقدہ اجلاس کے دوران وزیراعظم نے کہا کہ حکومت عوام کی فلاح و بہبود کے لیے تمام وسائل بروئے کار لا رہی ہے اور ملک میں معاشی استحکام کے لیے اقدامات جاری ہیں۔ صوبائی حکومت نے بھی ترقیاتی منصوبوں کی تکمیل کے لیے فنڈز جاری کر دیے ہیں جبکہ متعلقہ حکام کو ہدایت کی گئی ہے کہ وہ مقررہ مدت میں کام مکمل کریں۔ عدالت نے کیس کی سماعت کے بعد فیصلہ محفوظ کر لیا اور آئندہ سماعت کی تاریخ مقرر کر دی۔ پولیس کے مطابق ملزمان کو گرفتار کر کے مقدمہ درج کر لیا گیا ہے اور مزید تفتیش جاری ہے۔
چیف ہیر
54
اسلام آباد میں منعقدہ اجلاس کے دوران وزیراعظم نے کہا کہ حکومت عوام کی فلاح و بہبود کے لیے تمام وسائل بروئے کار لا رہی ہے اور ملک میں معاشی استحکام کے لیے اقدامات جاری ہیں۔ صوبائی حکومت نے بھی ترقیاتی منصوبوں کی تکمیل کے لیے فنڈز جاری کر دیے ہیں جبکہ متعلقہ حکام کو ہدایت کی گئی ہے کہ وہ مقررہ مدت میں کام مکمل کریں۔ عدالت نے کیس کی سماعت کے بعد فیصلہ محفوظ کر لیا اور آئندہ سماعت کی تاریخ مقرر کر دی۔ پولیس کے مطابق ملزمان کو گرفتار کر کے مقدمہ درج کر لیا گیا ہے اور مزید تفتیش جاری ہے۔
چیف ہیر
55
اسلام آباد میں منعقدہ اجلاس کے دوران وزیراعظم نے کہا کہ حکومت عوام کی فلاح و بہبود کے لیے تمام وسائل بروئے کار لا رہی ہے اور ملک میں معاشی استحکام کے لیے اقدامات جاری ہیں۔ صوبائی حکومت نے بھی ترقیاتی منصوبوں کی تکمیل کے لیے فنڈز جاری کر دیے ہیں جبکہ متعلقہ حکام کو ہدایت کی گئی ہے کہ وہ مقررہ مدت میں کام مکمل کریں۔ عدالت نے کیس کی سماعت کے بعد فیصلہ محفوظ کر لیا اور آئندہ سماعت کی تاریخ مقرر کر دی۔ پولیس کے مطابق ملزمان کو گرفتار کر کے مقدمہ درج کر لیا گیا ہے اور مزید تفتیش جاری ہے۔
چیف ہیر
56
اسلام آباد میں منعقدہ اجلاس کے دوران وزیراعظم نے کہا کہ حکومت عوام کی فلاح و بہبود کے لیے تمام وسائل بروئے کار لا رہی ہے اور ملک میں معاشی استحکام کے لیے اقدامات جاری ہیں۔ صوبائی حکومت نے بھی ترقیاتی منصوبوں کی تکمیل کے لیے فنڈز جاری کر دیے ہیں جبکہ متعلقہ حکام کو ہدایت کی گئی ہے کہ وہ مقررہ مدت میں کام مکمل کریں۔ عدالت نے کیس کی سماعت کے بعد فیصلہ محفوظ کر لیا اور آئندہ سماعت کی تاریخ مقرر کر دی۔ پولیس کے مطابق ملزمان کو گرفتار کر کے مقدمہ درج کر لیا گیا ہے اور مزید تفتیش جاری ہے۔
چیف ہیر
57
اسلام آباد میں منعقدہ اجلاس کے دوران وزیراعظم نے کہا کہ حکومت عوام کی فلاح و بہبود کے لیے تمام وسائل بروئے کار لا رہی ہے اور ملک میں معاشی استحکام کے لیے اقدامات جاری ہیں۔ صوبائی حکومت نے بھی ترقیاتی منصوبوں کی تکمیل کے لیے فنڈز جاری کر دیے ہیں جبکہ متعلقہ حکام کو ہدایت کی گئی ہے کہ وہ مقررہ مدت میں کام مکمل کریں۔ عدالت نے کیس کی سماعت کے بعد فیصلہ محفوظ کر لیا اور آئندہ سماعت کی تاریخ مقرر کر دی۔ پولیس کے مطابق ملزمان کو گرفتار کر کے مقدمہ درج کر لیا گیا ہے اور مزید تفتیش جاری ہے۔
چیف ہیر
58
اسلام آباد میں منعقدہ اجلاس کے دوران وزیراعظم نے کہا کہ حکومت عوام کی فلاح و بہبود کے لیے تمام وسائل بروئے کار لا رہی ہے اور ملک میں معاشی استحکام کے لیے اقدامات جاری ہیں۔ صوبائی حکومت نے بھی ترقیاتی منصوبوں کی تکمیل کے لیے فنڈز جاری کر دیے ہیں جبکہ متعلقہ حکام کو ہدایت کی گئی ہے کہ وہ مقررہ مدت میں کام مکمل کریں۔ عدالت نے کیس کی سماعت کے بعد فیصلہ محفوظ کر لیا اور آئندہ سماعت کی تاریخ مقرر کر دی۔ پولیس کے مطابق ملزمان کو گرفتار کر کے مقدمہ درج کر لیا گیا ہے اور مزید تفتیش جاری ہے۔
چیف ہیر
59
اسلام آباد میں منعقدہ اجلاس کے دوران وزیراعظم نے کہا کہ حکومت عوام کی فلاح و بہبود کے لیے تمام وسائل بروئے کار لا رہی ہے اور ملک میں معاشی استحکام کے لیے اقدامات جاری ہیں۔ صوبائی حکومت نے بھی ترقیاتی منصوبوں کی تکمیل کے لیے فنڈز جاری کر دیے ہیں جبکہ متعلقہ حکام کو ہدایت کی گئی ہے کہ وہ مقررہ مدت میں کام مکمل کریں۔ عدالت نے کیس کی سماعت کے بعد فیصلہ محفوظ کر لیا اور آئندہ سماعت کی تاریخ مقرر کر دی۔ پولیس کے مطابق ملزمان کو گرفتار کر کے مقدمہ درج کر لیا گیا ہے اور مزید تفتیش جاری ہے۔
چیف ہیر
60
اسلام آباد میں منعقدہ اجلاس کے دوران وزیراعظم نے کہا کہ حکومت عوام کی فلاح و بہبود کے لیے تمام وسائل بروئے کار لا رہی ہے اور ملک میں معاشی استحکام کے لیے اقدامات جاری ہیں۔ صوبائی حکومت نے بھی ترقیاتی منصوبوں کی تکمیل کے لیے فنڈز جاری کر دیے ہیں جبکہ متعلقہ حکام کو ہدایت کی گئی ہے کہ وہ مقررہ مدت میں کام مکمل کریں۔ عدالت نے کیس کی سماعت کے بعد فیصلہ محفوظ کر لیا اور آئندہ سماعت کی تاریخ مقرر کر دی۔ پولیس کے مطابق ملزمان کو گرفتار کر کے مقدمہ درج کر لیا گیا ہے اور مزید تفتیش جاری ہے۔
چیف ہیر
61
اسلام آباد میں منعقدہ اجلاس کے دوران وزیراعظم نے کہا کہ حکومت عوام کی فلاح و بہبود کے لیے تمام وسائل بروئے کار لا رہی ہے اور ملک میں معاشی استحکام کے لیے اقدامات جاری ہیں۔ صوبائی حکومت نے بھی ترقیاتی منصوبوں کی تکمیل کے لیے فنڈز جاری کر دیے ہیں جبکہ متعلقہ حکام کو ہدایت کی گئی ہے کہ وہ مقررہ مدت میں کام مکمل کریں۔ عدالت نے کیس کی سماعت کے بعد فیصلہ محفوظ کر لیا اور آئندہ سماعت کی تاریخ مقرر کر دی۔ پولیس کے مطابق ملزمان کو گرفتار کر کے مقدمہ درج کر لیا گیا ہے اور مزید تفتیش جاری ہے۔
چیف ہیر
62
اسلام آباد میں منعقدہ اجلاس کے دوران وزیراعظم نے کہا کہ حکومت عوام کی فلاح و بہبود کے لیے تمام وسائل بروئے کار لا رہی ہے اور ملک میں معاشی استحکام کے لیے اقدامات جاری ہیں۔ صوبائی حکومت نے بھی ترقیاتی منصوبوں کی تکمیل کے لیے فنڈز جاری کر دیے ہیں جبکہ متعلقہ حکام کو ہدایت کی گئی ہے کہ وہ مقررہ مدت میں کام مکمل کریں۔ عدالت نے کیس کی سماعت کے بعد فیصلہ محفوظ کر لیا اور آئندہ سماعت کی تاریخ مقرر کر دی۔ پولیس کے مطابق ملزمان کو گرفتار کر کے مقدمہ درج کر لیا گیا ہے اور مزید تفتیش جاری ہے۔
